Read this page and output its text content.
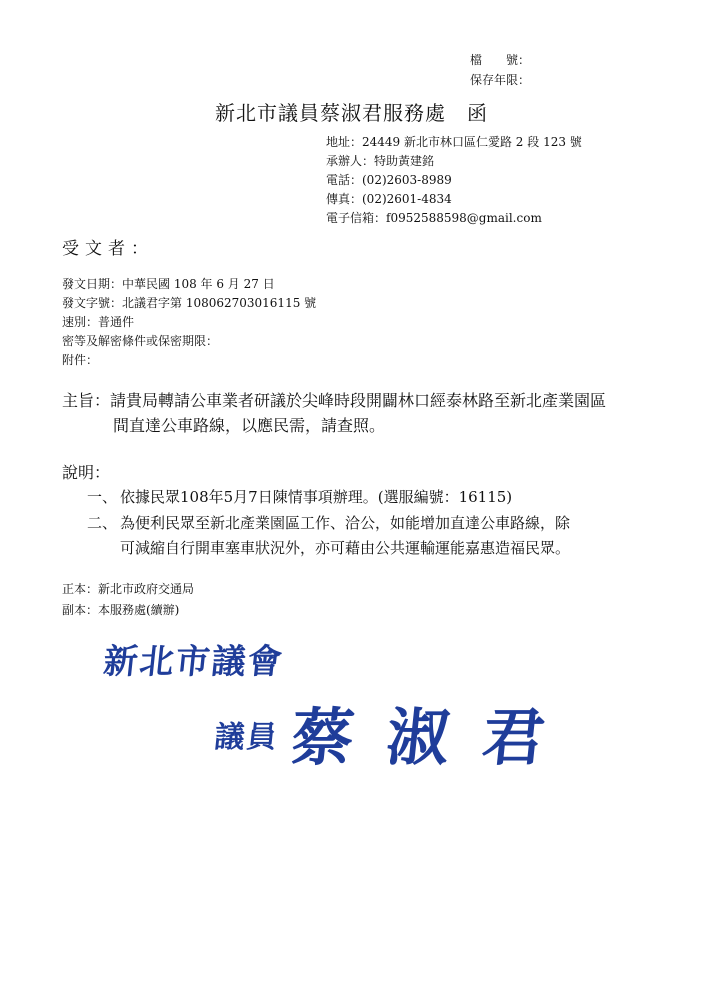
檔　　號：
保存年限：
新北市議員蔡淑君服務處　函
地址：24449 新北市林口區仁愛路 2 段 123 號
承辦人：特助黃建銘
電話：(02)2603-8989
傳真：(02)2601-4834
電子信箱：f0952588598@gmail.com
受文者：
發文日期：中華民國 108 年 6 月 27 日
發文字號：北議君字第 108062703016115 號
速別：普通件
密等及解密條件或保密期限：
附件：
主旨：請貴局轉請公車業者研議於尖峰時段開闢林口經泰林路至新北產業園區
間直達公車路線，以應民需，請查照。
說明：
一、 依據民眾108年5月7日陳情事項辦理。(選服編號：16115)
二、 為便利民眾至新北產業園區工作、洽公，如能增加直達公車路線，除
可減縮自行開車塞車狀況外，亦可藉由公共運輸運能嘉惠造福民眾。
正本：新北市政府交通局
副本：本服務處(續辦)
新北市議會
議員 蔡 淑 君
